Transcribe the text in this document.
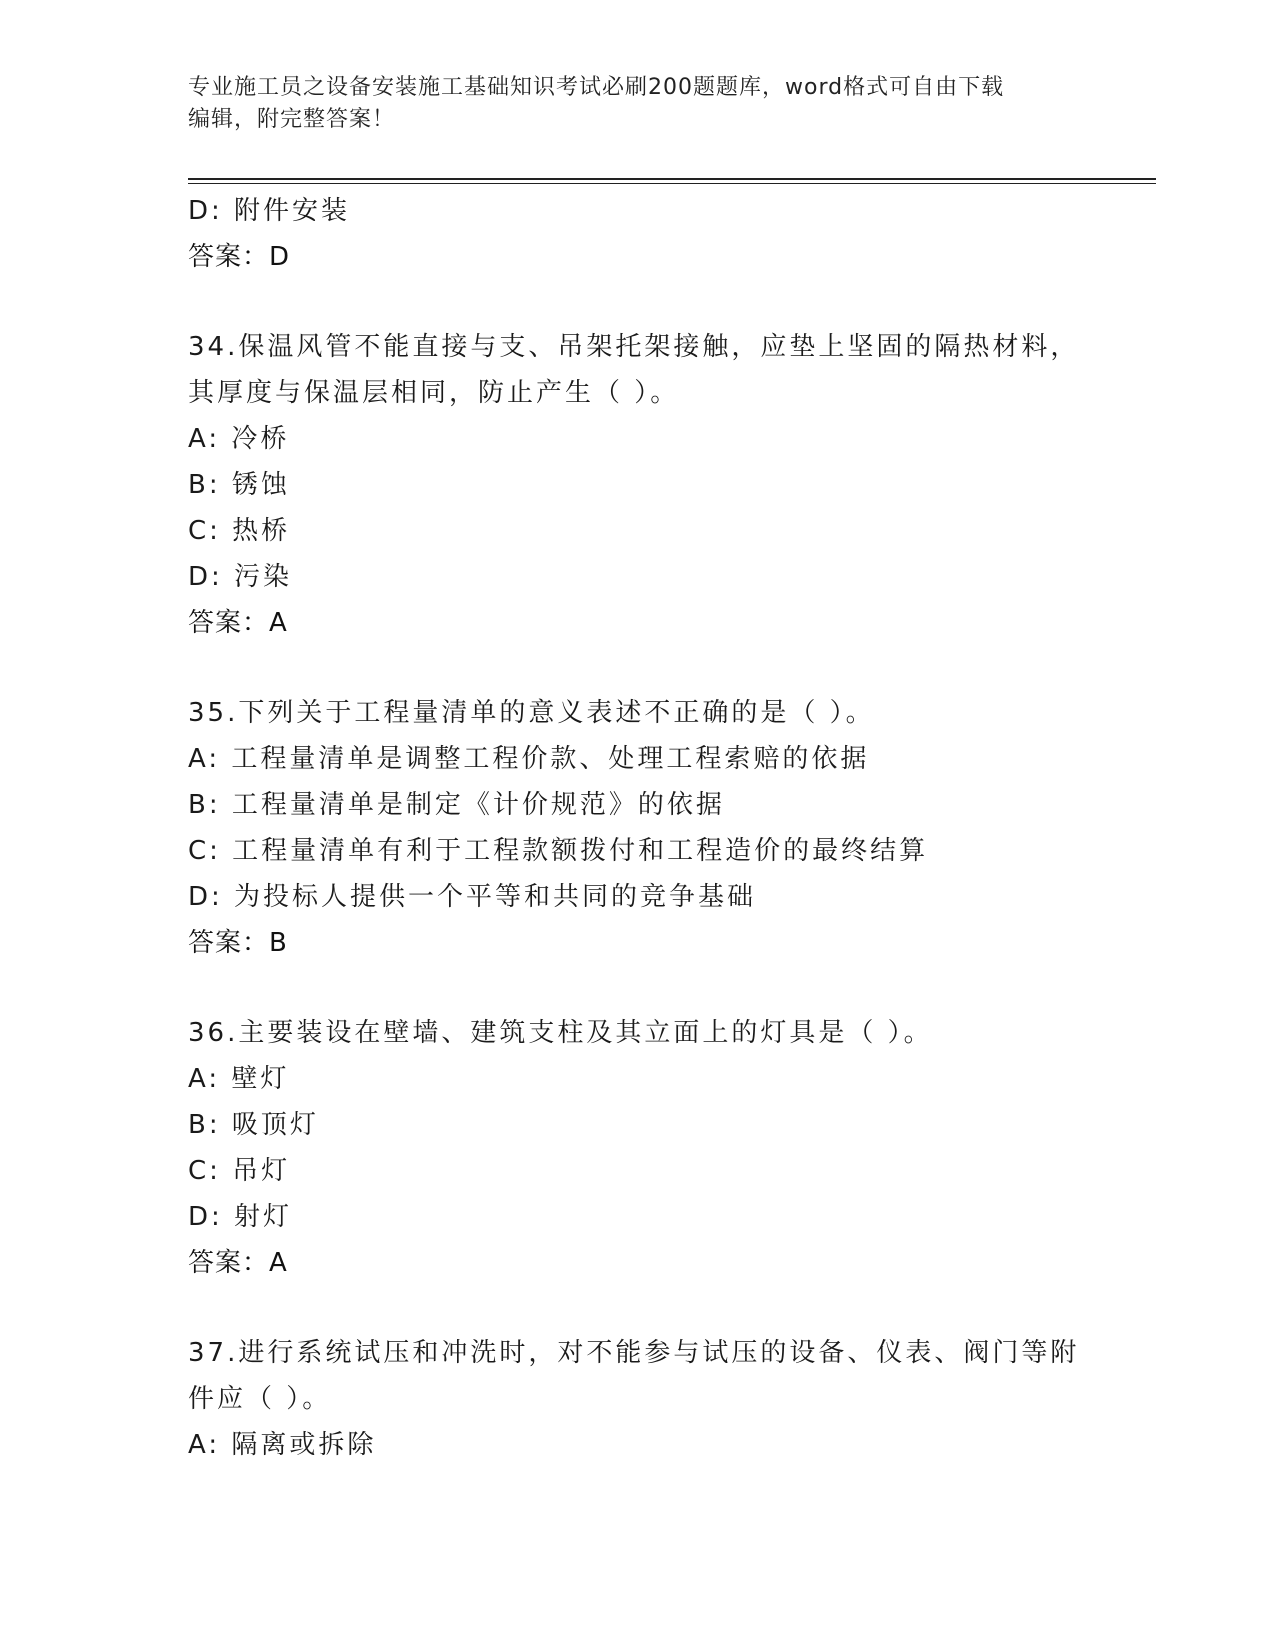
专业施工员之设备安装施工基础知识考试必刷200题题库，word格式可自由下载
编辑，附完整答案！
D: 附件安装
答案：D
34.保温风管不能直接与支、吊架托架接触，应垫上坚固的隔热材料，
其厚度与保温层相同，防止产生（ ）。
A: 冷桥
B: 锈蚀
C: 热桥
D: 污染
答案：A
35.下列关于工程量清单的意义表述不正确的是（ ）。
A: 工程量清单是调整工程价款、处理工程索赔的依据
B: 工程量清单是制定《计价规范》的依据
C: 工程量清单有利于工程款额拨付和工程造价的最终结算
D: 为投标人提供一个平等和共同的竞争基础
答案：B
36.主要装设在壁墙、建筑支柱及其立面上的灯具是（ ）。
A: 壁灯
B: 吸顶灯
C: 吊灯
D: 射灯
答案：A
37.进行系统试压和冲洗时，对不能参与试压的设备、仪表、阀门等附
件应（ ）。
A: 隔离或拆除
